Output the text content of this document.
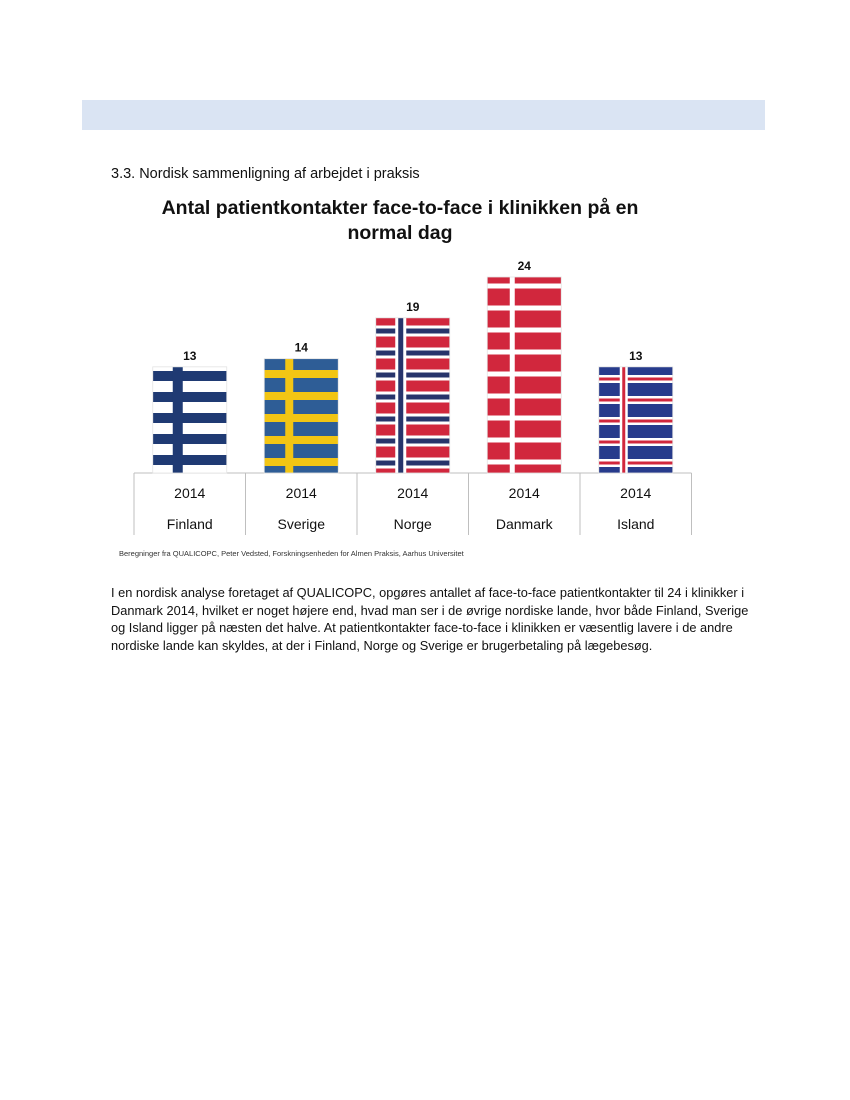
3.3. Nordisk sammenligning af arbejdet i praksis
Antal patientkontakter face-to-face i klinikken på en
normal dag
13
2014
Finland
14
2014
Sverige
19
2014
Norge
24
2014
Danmark
13
2014
Island
Beregninger fra QUALICOPC, Peter Vedsted, Forskningsenheden for Almen Praksis, Aarhus Universitet
I en nordisk analyse foretaget af QUALICOPC, opgøres antallet af face-to-face patientkontakter til 24 i klinikker i Danmark 2014, hvilket er noget højere end, hvad man ser i de øvrige nordiske lande, hvor både Finland, Sverige og Island ligger på næsten det halve. At patientkontakter face-to-face i klinikken er væsentlig lavere i de andre nordiske lande kan skyldes, at der i Finland, Norge og Sverige er brugerbetaling på lægebesøg.
